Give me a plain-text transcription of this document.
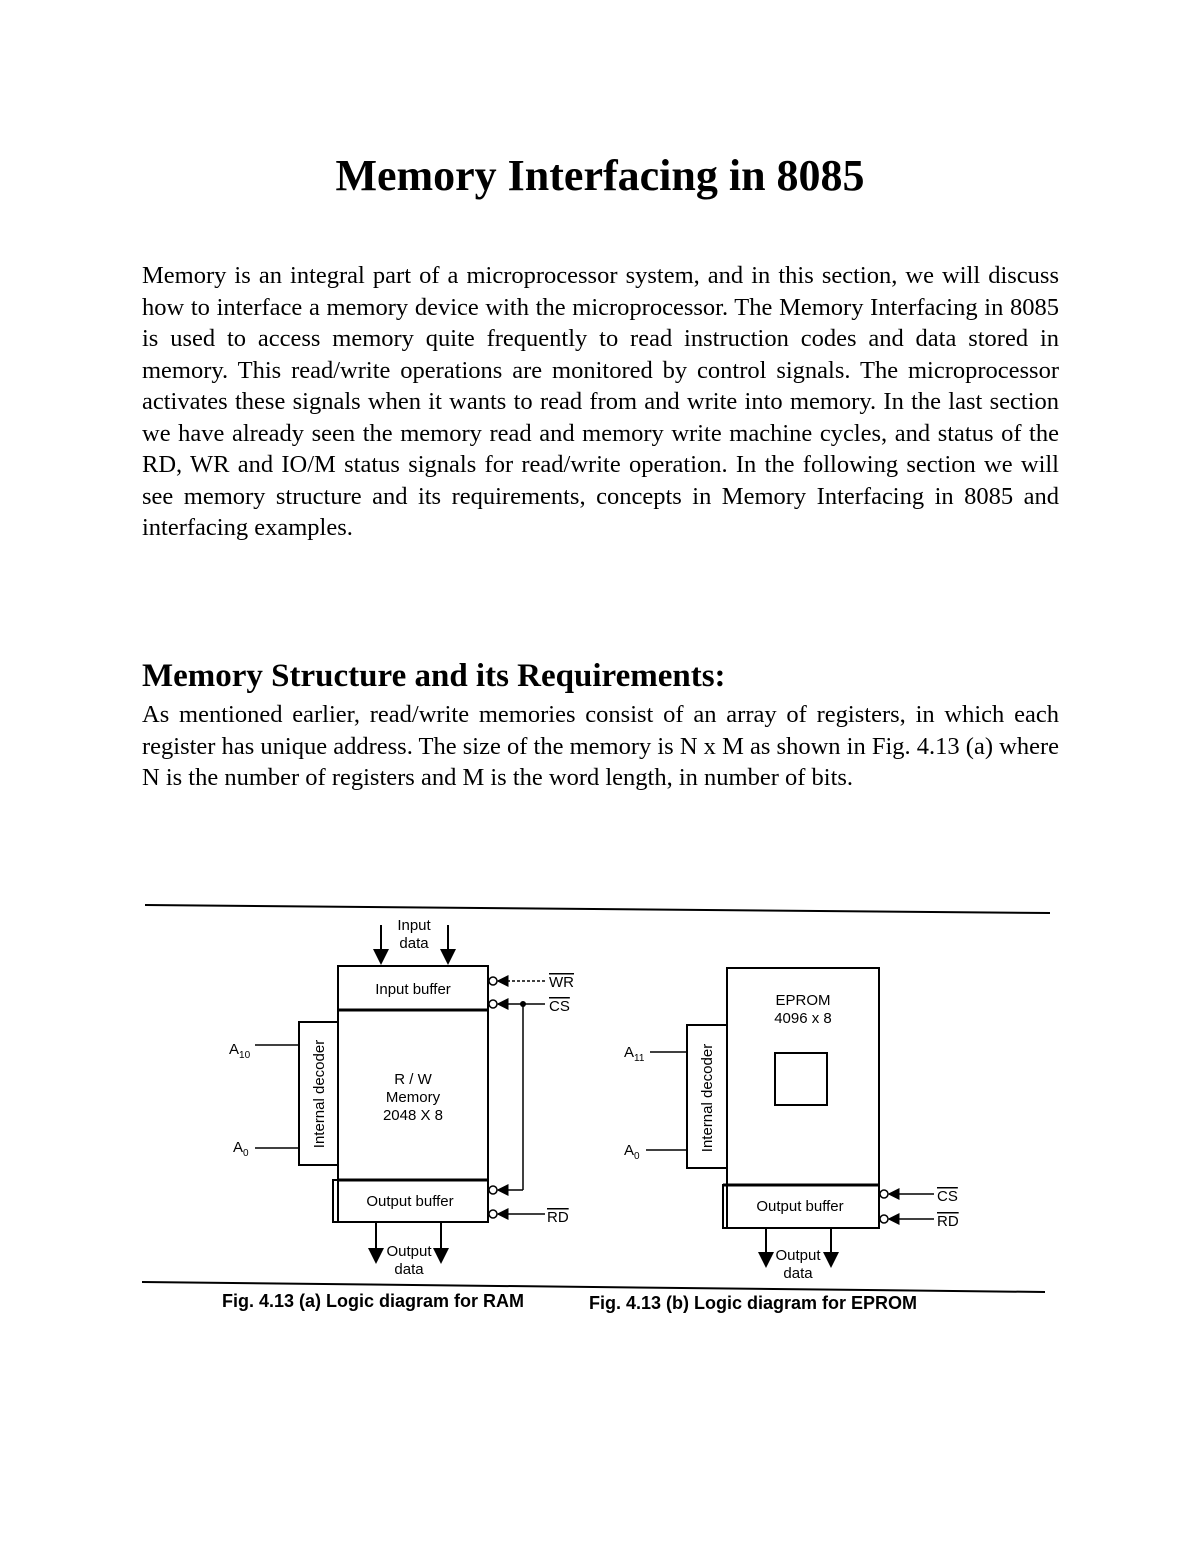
Memory Interfacing in 8085

Memory is an integral part of a microprocessor system, and in this section, we will discuss how to interface a memory device with the microprocessor. The Memory Interfacing in 8085 is used to access memory quite frequently to read instruction codes and data stored in memory. This read/write operations are monitored by control signals. The microprocessor activates these signals when it wants to read from and write into memory. In the last section we have already seen the memory read and memory write machine cycles, and status of the RD, WR and IO/M status signals for read/write operation. In the following section we will see memory structure and its requirements, concepts in Memory Interfacing in 8085 and interfacing examples.

Memory Structure and its Requirements:

As mentioned earlier, read/write memories consist of an array of registers, in which each register has unique address. The size of the memory is N x M as shown in Fig. 4.13 (a) where N is the number of registers and M is the word length, in number of bits.

Input
data
Input buffer
R / W
Memory
2048 X 8
Output buffer
Internal decoder
$A_{10}$
$A_0$
WR
CS
RD
Output
data
Fig. 4.13 (a) Logic diagram for RAM
EPROM
4096 x 8
Output buffer
Internal decoder
$A_{11}$
$A_0$
CS
RD
Output
data
Fig. 4.13 (b) Logic diagram for EPROM
